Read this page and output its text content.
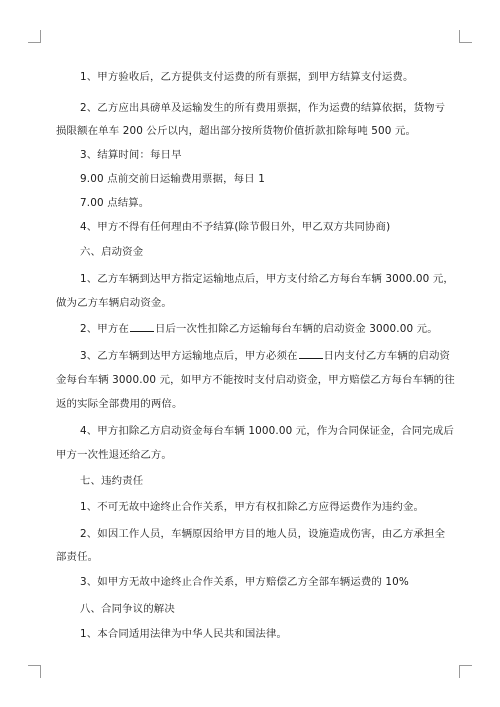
1、甲方验收后，乙方提供支付运费的所有票据，到甲方结算支付运费。
2、乙方应出具磅单及运输发生的所有费用票据，作为运费的结算依据，货物亏
损限额在单车 200 公斤以内，超出部分按所货物价值折款扣除每吨 500 元。
3、结算时间：每日早
9.00 点前交前日运输费用票据，每日 1
7.00 点结算。
4、甲方不得有任何理由不予结算(除节假日外，甲乙双方共同协商)
六、启动资金
1、乙方车辆到达甲方指定运输地点后，甲方支付给乙方每台车辆 3000.00 元，
做为乙方车辆启动资金。
2、甲方在	日后一次性扣除乙方运输每台车辆的启动资金 3000.00 元。
3、乙方车辆到达甲方运输地点后，甲方必须在	日内支付乙方车辆的启动资
金每台车辆 3000.00 元，如甲方不能按时支付启动资金，甲方赔偿乙方每台车辆的往
返的实际全部费用的两倍。
4、甲方扣除乙方启动资金每台车辆 1000.00 元，作为合同保证金，合同完成后
甲方一次性退还给乙方。
七、违约责任
1、不可无故中途终止合作关系，甲方有权扣除乙方应得运费作为违约金。
2、如因工作人员，车辆原因给甲方目的地人员，设施造成伤害，由乙方承担全
部责任。
3、如甲方无故中途终止合作关系，甲方赔偿乙方全部车辆运费的 10%
八、合同争议的解决
1、本合同适用法律为中华人民共和国法律。
